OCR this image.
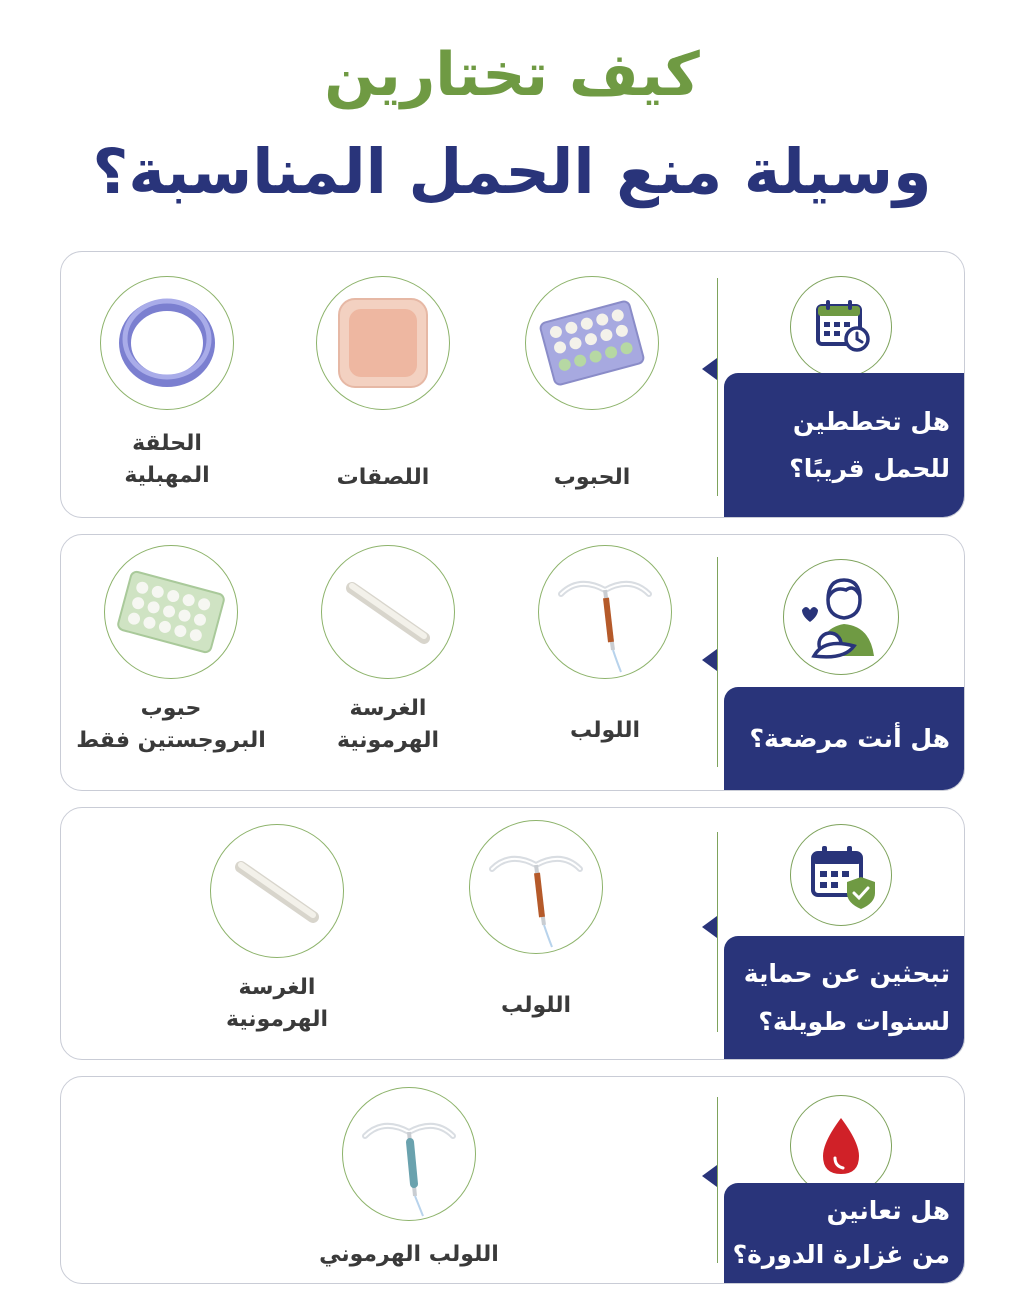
كيف تختارين
وسيلة منع الحمل المناسبة؟
هل تخططين
للحمل قريبًا؟
الحبوب
اللصقات
الحلقة
المهبلية
هل أنت مرضعة؟
اللولب
الغرسة
الهرمونية
حبوب
البروجستين فقط
تبحثين عن حماية
لسنوات طويلة؟
اللولب
الغرسة
الهرمونية
هل تعانين
من غزارة الدورة؟
اللولب الهرموني
